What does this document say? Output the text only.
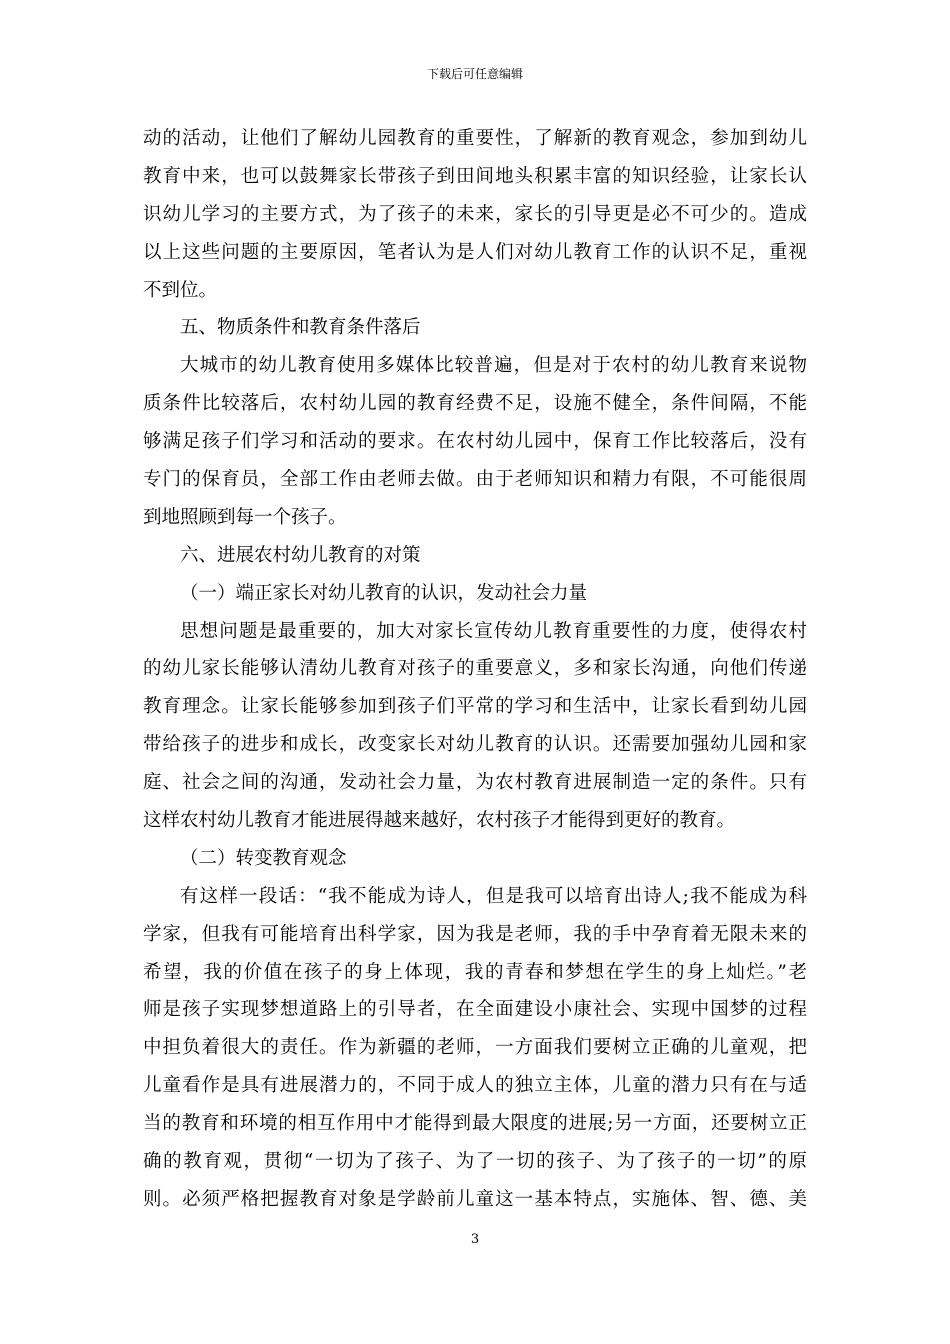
下载后可任意编辑
动的活动，让他们了解幼儿园教育的重要性，了解新的教育观念，参加到幼儿
教育中来，也可以鼓舞家长带孩子到田间地头积累丰富的知识经验，让家长认
识幼儿学习的主要方式，为了孩子的未来，家长的引导更是必不可少的。造成
以上这些问题的主要原因，笔者认为是人们对幼儿教育工作的认识不足，重视
不到位。
五、物质条件和教育条件落后
大城市的幼儿教育使用多媒体比较普遍，但是对于农村的幼儿教育来说物
质条件比较落后，农村幼儿园的教育经费不足，设施不健全，条件间隔，不能
够满足孩子们学习和活动的要求。在农村幼儿园中，保育工作比较落后，没有
专门的保育员，全部工作由老师去做。由于老师知识和精力有限，不可能很周
到地照顾到每一个孩子。
六、进展农村幼儿教育的对策
（一）端正家长对幼儿教育的认识，发动社会力量
思想问题是最重要的，加大对家长宣传幼儿教育重要性的力度，使得农村
的幼儿家长能够认清幼儿教育对孩子的重要意义，多和家长沟通，向他们传递
教育理念。让家长能够参加到孩子们平常的学习和生活中，让家长看到幼儿园
带给孩子的进步和成长，改变家长对幼儿教育的认识。还需要加强幼儿园和家
庭、社会之间的沟通，发动社会力量，为农村教育进展制造一定的条件。只有
这样农村幼儿教育才能进展得越来越好，农村孩子才能得到更好的教育。
（二）转变教育观念
有这样一段话：“我不能成为诗人，但是我可以培育出诗人;我不能成为科
学家，但我有可能培育出科学家，因为我是老师，我的手中孕育着无限未来的
希望，我的价值在孩子的身上体现，我的青春和梦想在学生的身上灿烂。”老
师是孩子实现梦想道路上的引导者，在全面建设小康社会、实现中国梦的过程
中担负着很大的责任。作为新疆的老师，一方面我们要树立正确的儿童观，把
儿童看作是具有进展潜力的，不同于成人的独立主体，儿童的潜力只有在与适
当的教育和环境的相互作用中才能得到最大限度的进展;另一方面，还要树立正
确的教育观，贯彻“一切为了孩子、为了一切的孩子、为了孩子的一切”的原
则。必须严格把握教育对象是学龄前儿童这一基本特点，实施体、智、德、美
3
